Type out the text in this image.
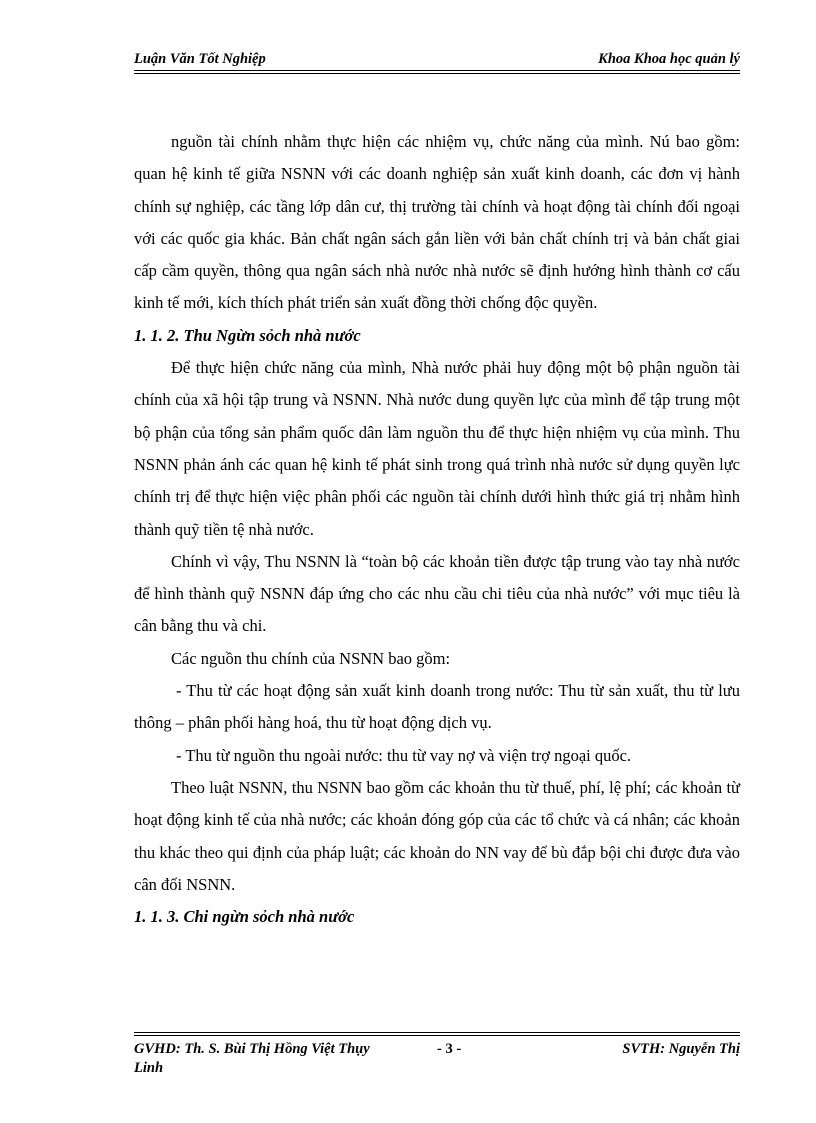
Luận Văn Tốt Nghiệp	Khoa Khoa học quản lý

nguồn tài chính nhằm thực hiện các nhiệm vụ, chức năng của mình. Nú bao gồm: quan hệ kinh tế giữa NSNN với các doanh nghiệp sản xuất kinh doanh, các đơn vị hành chính sự nghiệp, các tầng lớp dân cư, thị trường tài chính và hoạt động tài chính đối ngoại với các quốc gia khác. Bản chất ngân sách gắn liền với bản chất chính trị và bản chất giai cấp cầm quyền, thông qua ngân sách nhà nước nhà nước sẽ định hướng hình thành cơ cấu kinh tế mới, kích thích phát triển sản xuất đồng thời chống độc quyền.

1. 1. 2. Thu Ngừn sỏch nhà nước

Để thực hiện chức năng của mình, Nhà nước phải huy động một bộ phận nguồn tài chính của xã hội tập trung và NSNN. Nhà nước dung quyền lực của mình để tập trung một bộ phận của tổng sản phẩm quốc dân làm nguồn thu để thực hiện nhiệm vụ của mình. Thu NSNN phản ánh các quan hệ kinh tế phát sinh trong quá trình nhà nước sử dụng quyền lực chính trị để thực hiện việc phân phối các nguồn tài chính dưới hình thức giá trị nhằm hình thành quỹ tiền tệ nhà nước.

Chính vì vậy, Thu NSNN là “toàn bộ các khoản tiền được tập trung vào tay nhà nước để hình thành quỹ NSNN đáp ứng cho các nhu cầu chi tiêu của nhà nước” với mục tiêu là cân bằng thu và chi.

Các nguồn thu chính của NSNN bao gồm:

- Thu từ các hoạt động sản xuất kinh doanh trong nước: Thu từ sản xuất, thu từ lưu thông – phân phối hàng hoá, thu từ hoạt động dịch vụ.

- Thu từ nguồn thu ngoài nước: thu từ vay nợ và viện trợ ngoại quốc.

Theo luật NSNN, thu NSNN bao gồm các khoản thu từ thuế, phí, lệ phí; các khoản từ hoạt động kinh tế của nhà nước; các khoản đóng góp của các tổ chức và cá nhân; các khoản thu khác theo qui định của pháp luật; các khoản do NN vay để bù đắp bội chi được đưa vào cân đối NSNN.

1. 1. 3. Chi ngừn sỏch nhà nước

GVHD: Th. S. Bùi Thị Hồng Việt Thụy Linh
- 3 -	SVTH: Nguyễn Thị
